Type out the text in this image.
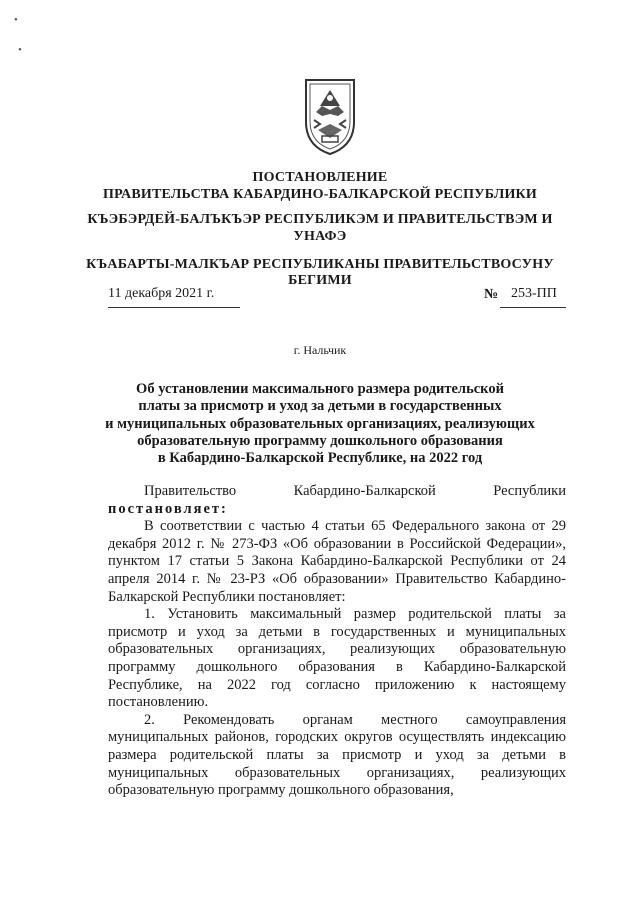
•
•
ПОСТАНОВЛЕНИЕ
ПРАВИТЕЛЬСТВА КАБАРДИНО-БАЛКАРСКОЙ РЕСПУБЛИКИ
КЪЭБЭРДЕЙ-БАЛЪКЪЭР РЕСПУБЛИКЭМ И ПРАВИТЕЛЬСТВЭМ И
УНАФЭ
КЪАБАРТЫ-МАЛКЪАР РЕСПУБЛИКАНЫ ПРАВИТЕЛЬСТВОСУНУ
БЕГИМИ
11 декабря 2021 г.	№ 253-ПП
г. Нальчик
Об установлении максимального размера родительской
платы за присмотр и уход за детьми в государственных
и муниципальных образовательных организациях, реализующих
образовательную программу дошкольного образования
в Кабардино-Балкарской Республике, на 2022 год
Правительство	Кабардино-Балкарской	Республики

постановляет:

В соответствии с частью 4 статьи 65 Федерального закона от 29 декабря 2012 г. № 273-ФЗ «Об образовании в Российской Федерации», пунктом 17 статьи 5 Закона Кабардино-Балкарской Республики от 24 апреля 2014 г. № 23-РЗ «Об образовании» Правительство Кабардино-Балкарской Республики постановляет:

1. Установить максимальный размер родительской платы за присмотр и уход за детьми в государственных и муниципальных образовательных организациях, реализующих образовательную программу дошкольного образования в Кабардино-Балкарской Республике, на 2022 год согласно приложению к настоящему постановлению.

2. Рекомендовать органам местного самоуправления муниципальных районов, городских округов осуществлять индексацию размера родительской платы за присмотр и уход за детьми в муниципальных образовательных организациях, реализующих образовательную программу дошкольного образования,
